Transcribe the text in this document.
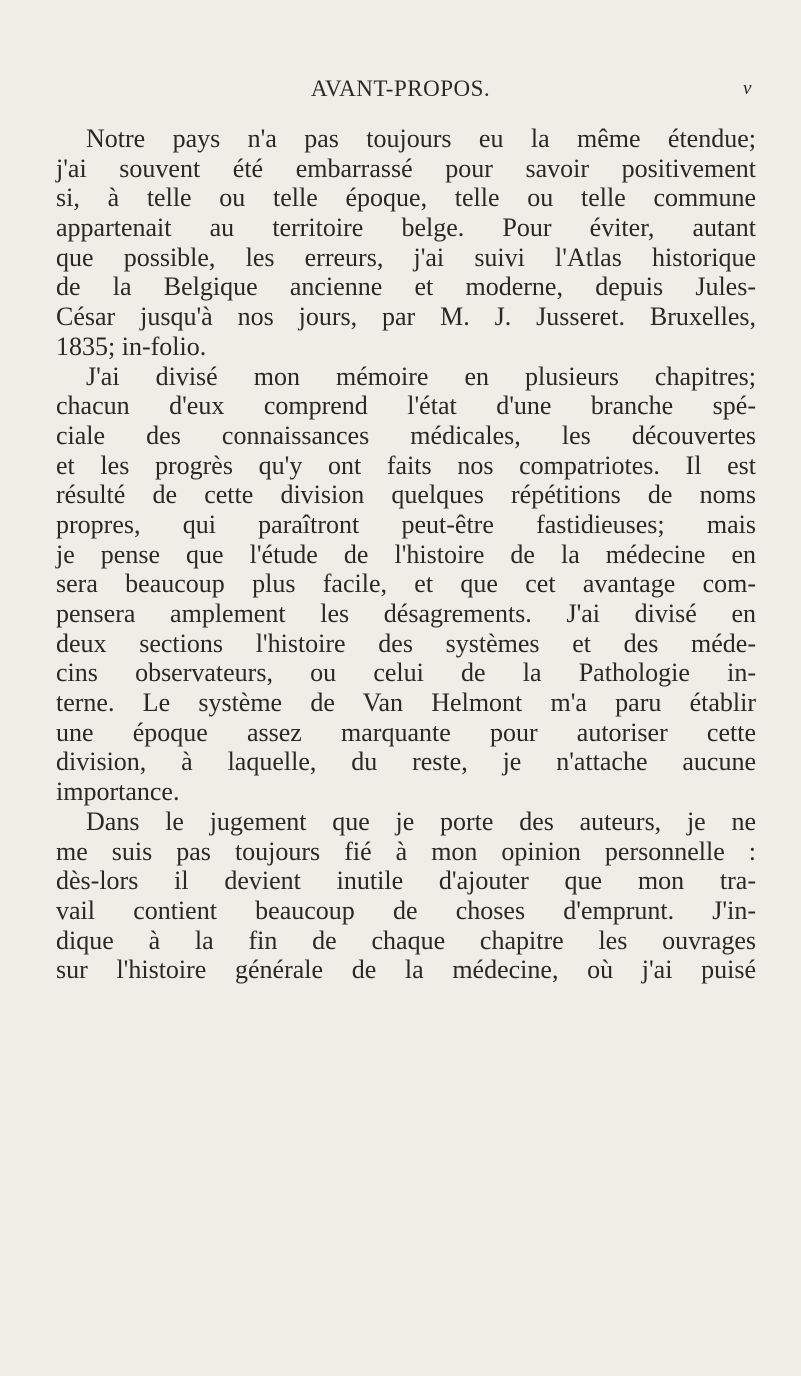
AVANT-PROPOS.	v
Notre pays n'a pas toujours eu la même étendue;
j'ai souvent été embarrassé pour savoir positivement
si, à telle ou telle époque, telle ou telle commune
appartenait au territoire belge. Pour éviter, autant
que possible, les erreurs, j'ai suivi l'Atlas historique
de la Belgique ancienne et moderne, depuis Jules-
César jusqu'à nos jours, par M. J. Jusseret. Bruxelles,
1835; in-folio.
J'ai divisé mon mémoire en plusieurs chapitres;
chacun d'eux comprend l'état d'une branche spé-
ciale des connaissances médicales, les découvertes
et les progrès qu'y ont faits nos compatriotes. Il est
résulté de cette division quelques répétitions de noms
propres, qui paraîtront peut-être fastidieuses; mais
je pense que l'étude de l'histoire de la médecine en
sera beaucoup plus facile, et que cet avantage com-
pensera amplement les désagrements. J'ai divisé en
deux sections l'histoire des systèmes et des méde-
cins observateurs, ou celui de la Pathologie in-
terne. Le système de Van Helmont m'a paru établir
une époque assez marquante pour autoriser cette
division, à laquelle, du reste, je n'attache aucune
importance.
Dans le jugement que je porte des auteurs, je ne
me suis pas toujours fié à mon opinion personnelle :
dès-lors il devient inutile d'ajouter que mon tra-
vail contient beaucoup de choses d'emprunt. J'in-
dique à la fin de chaque chapitre les ouvrages
sur l'histoire générale de la médecine, où j'ai puisé
